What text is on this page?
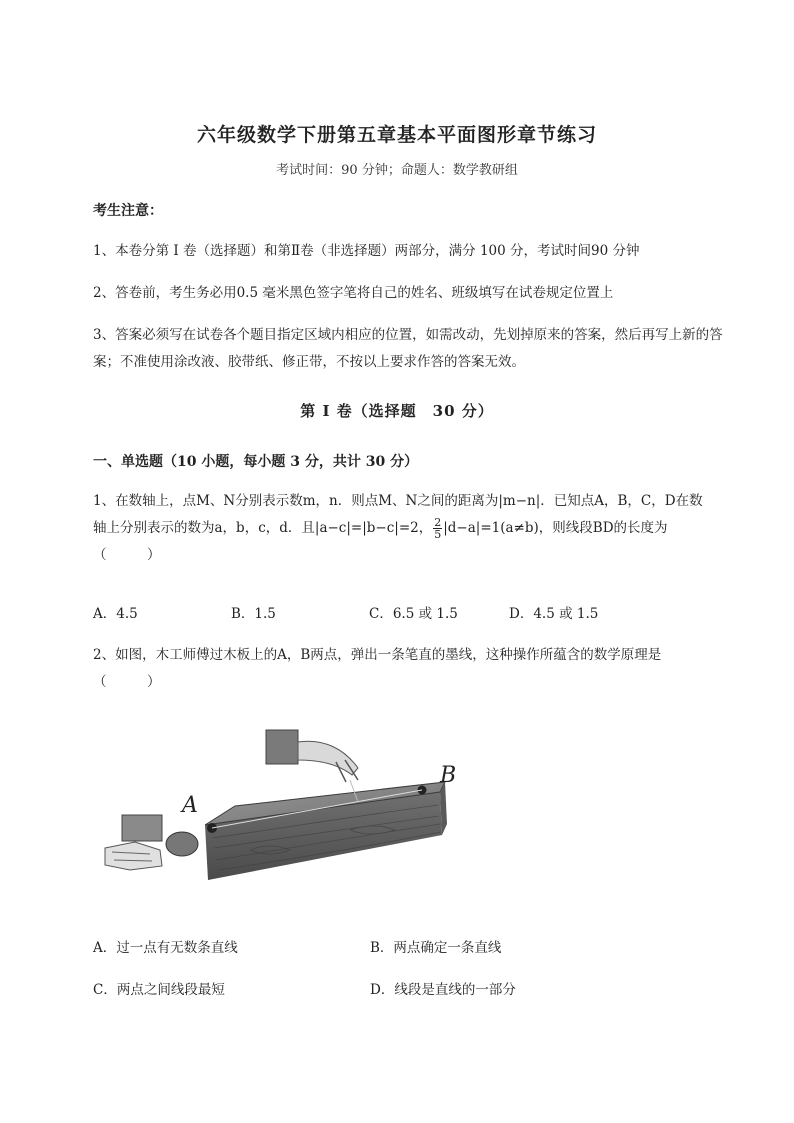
六年级数学下册第五章基本平面图形章节练习
考试时间：90 分钟；命题人：数学教研组
考生注意：
1、本卷分第 I 卷（选择题）和第Ⅱ卷（非选择题）两部分，满分 100 分，考试时间90 分钟
2、答卷前，考生务必用0.5 毫米黑色签字笔将自己的姓名、班级填写在试卷规定位置上
3、答案必须写在试卷各个题目指定区域内相应的位置，如需改动，先划掉原来的答案，然后再写上新的答案；不准使用涂改液、胶带纸、修正带，不按以上要求作答的答案无效。
第 I 卷（选择题　30 分）
一、单选题（10 小题，每小题 3 分，共计 30 分）
1、在数轴上，点M、N分别表示数m，n．则点M、N之间的距离为|m−n|．已知点A，B，C，D在数
轴上分别表示的数为a，b，c，d．且|a−c|=|b−c|=2， $\frac{2}{5} |d-a|=1(a\ne b)$，则线段BD的长度为
（　　　）
A．4.5	B．1.5	C．6.5 或 1.5	D．4.5 或 1.5
2、如图，木工师傅过木板上的A，B两点，弹出一条笔直的墨线，这种操作所蕴含的数学原理是
（　　　）
A
B
A．过一点有无数条直线	B．两点确定一条直线
C．两点之间线段最短	D．线段是直线的一部分
